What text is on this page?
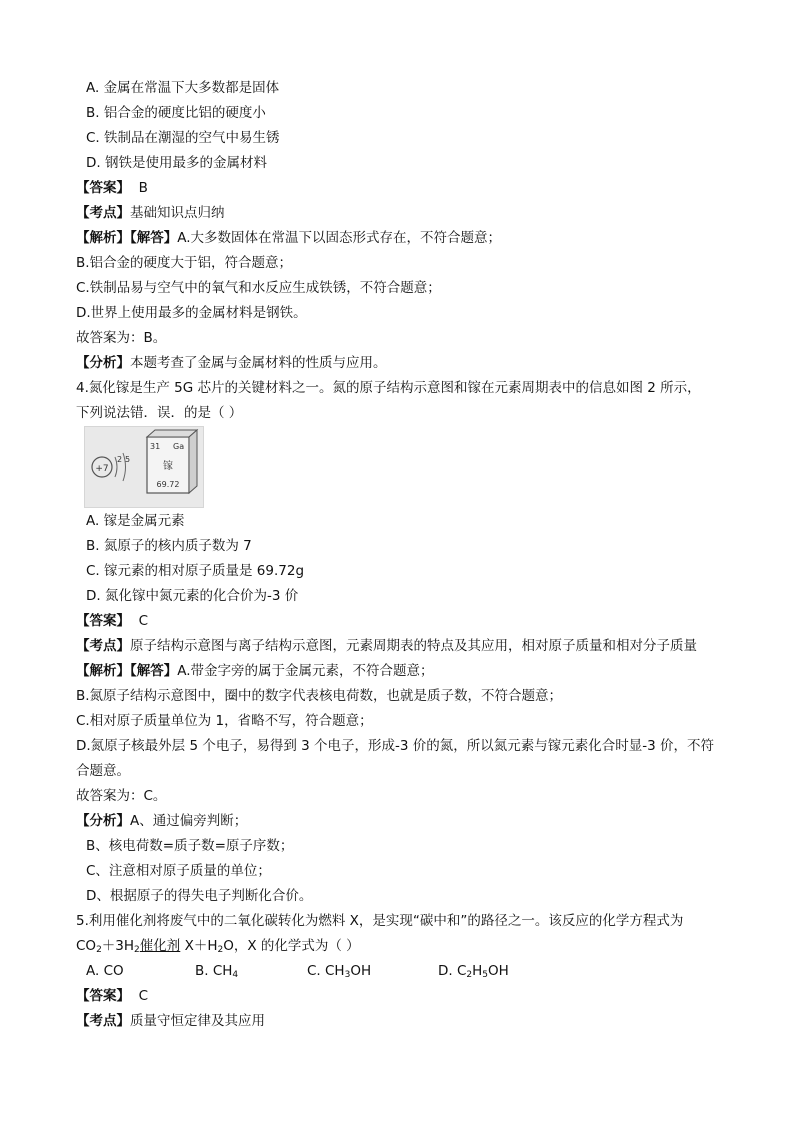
A. 金属在常温下大多数都是固体
B. 铝合金的硬度比铝的硬度小
C. 铁制品在潮湿的空气中易生锈
D. 钢铁是使用最多的金属材料
【答案】 B
【考点】基础知识点归纳
【解析】【解答】A.大多数固体在常温下以固态形式存在，不符合题意；
B.铝合金的硬度大于铝，符合题意；
C.铁制品易与空气中的氧气和水反应生成铁锈，不符合题意；
D.世界上使用最多的金属材料是钢铁。
故答案为：B。
【分析】本题考查了金属与金属材料的性质与应用。
4.氮化镓是生产 5G 芯片的关键材料之一。氮的原子结构示意图和镓在元素周期表中的信息如图 2 所示，
下列说法错．误．的是（ ）
+7
2 5
31 Ga
镓
69.72
A. 镓是金属元素
B. 氮原子的核内质子数为 7
C. 镓元素的相对原子质量是 69.72g
D. 氮化镓中氮元素的化合价为-3 价
【答案】 C
【考点】原子结构示意图与离子结构示意图，元素周期表的特点及其应用，相对原子质量和相对分子质量
【解析】【解答】A.带金字旁的属于金属元素，不符合题意；
B.氮原子结构示意图中，圈中的数字代表核电荷数，也就是质子数，不符合题意；
C.相对原子质量单位为 1，省略不写，符合题意；
D.氮原子核最外层 5 个电子，易得到 3 个电子，形成-3 价的氮，所以氮元素与镓元素化合时显-3 价，不符
合题意。
故答案为：C。
【分析】A、通过偏旁判断；
B、核电荷数=质子数=原子序数；
C、注意相对原子质量的单位；
D、根据原子的得失电子判断化合价。
5.利用催化剂将废气中的二氧化碳转化为燃料 X，是实现“碳中和”的路径之一。该反应的化学方程式为
$CO_2+3H_2$催化剂 $X+H_2O$，X 的化学式为（ ）
A. CO	B. $CH_4$	C. $CH_3OH$	D. $C_2H_5OH$
【答案】 C
【考点】质量守恒定律及其应用
